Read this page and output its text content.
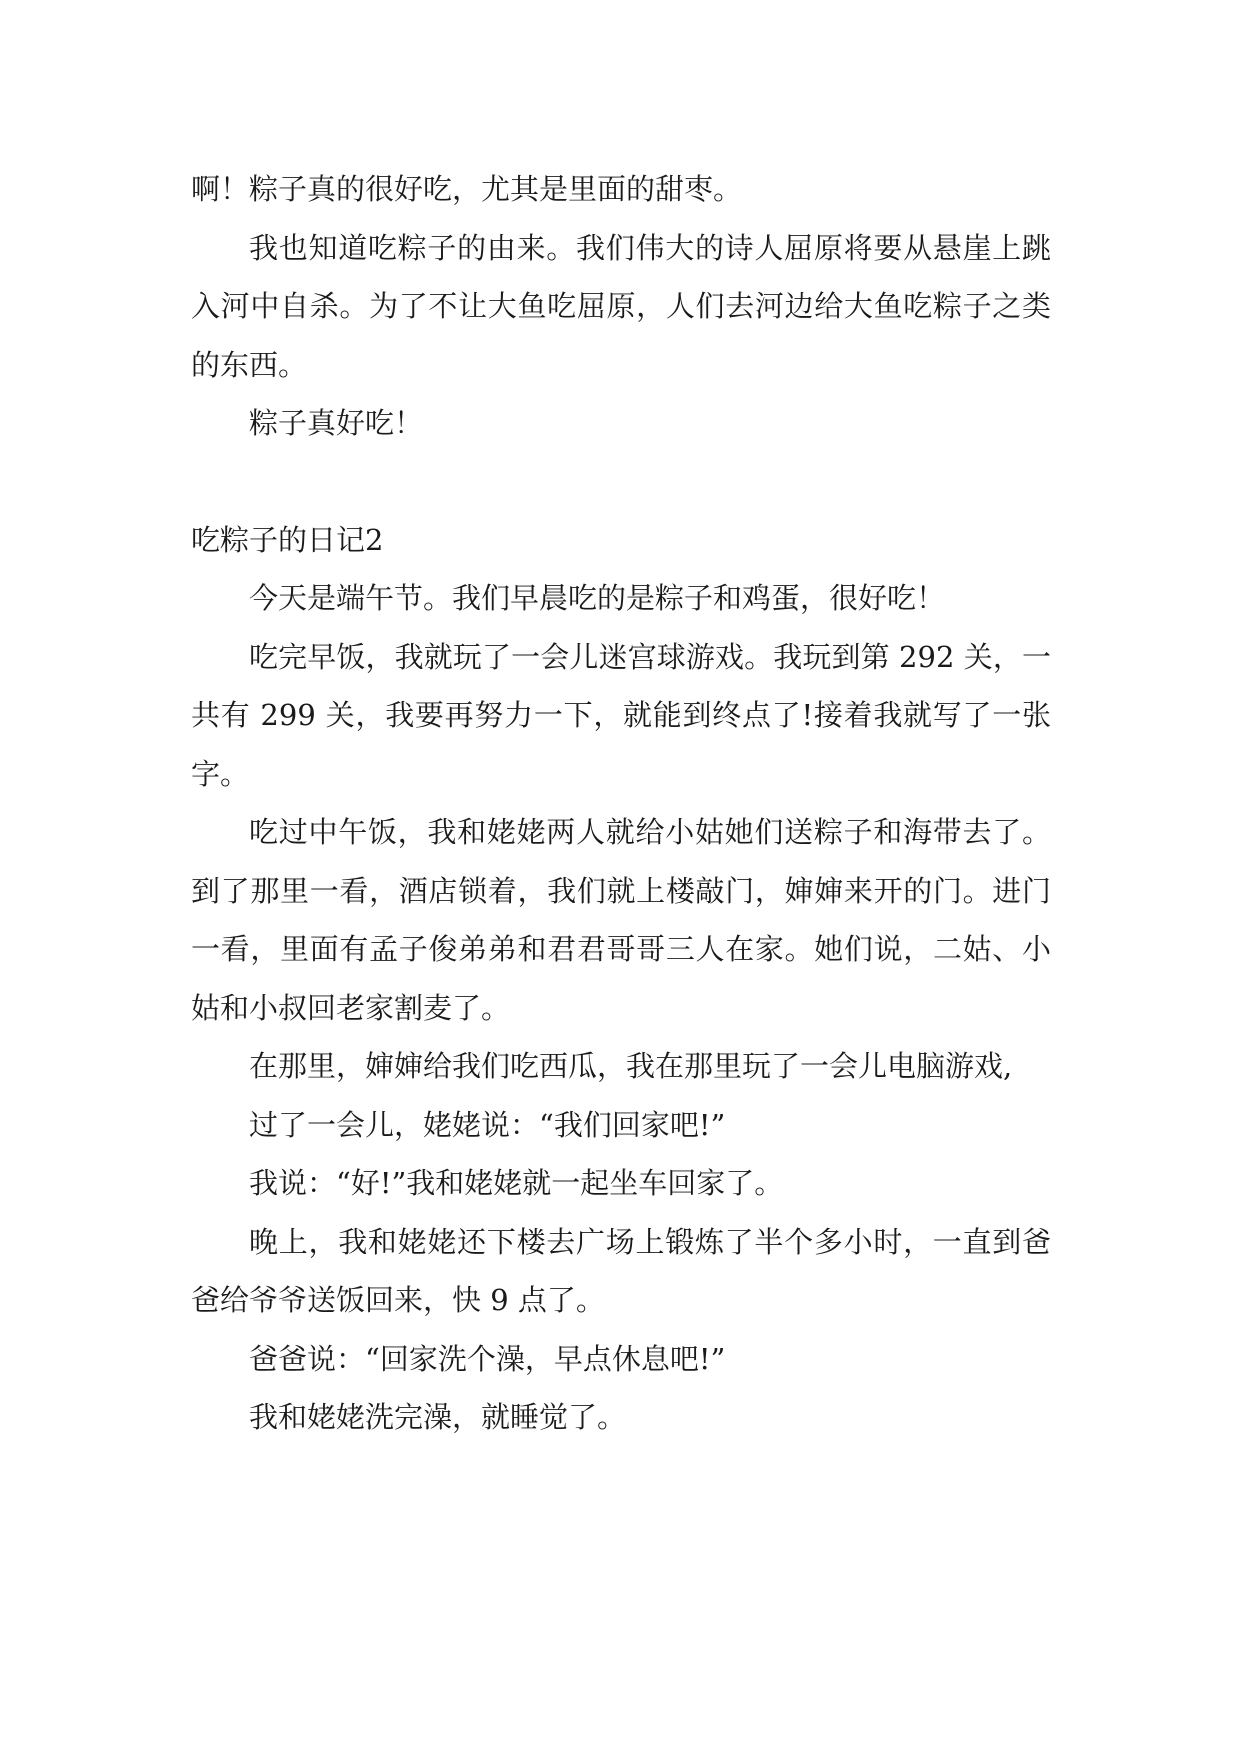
啊！粽子真的很好吃，尤其是里面的甜枣。

我也知道吃粽子的由来。我们伟大的诗人屈原将要从悬崖上跳入河中自杀。为了不让大鱼吃屈原，人们去河边给大鱼吃粽子之类的东西。

粽子真好吃！

吃粽子的日记2

今天是端午节。我们早晨吃的是粽子和鸡蛋，很好吃！

吃完早饭，我就玩了一会儿迷宫球游戏。我玩到第 292 关，一共有 299 关，我要再努力一下，就能到终点了!接着我就写了一张字。

吃过中午饭，我和姥姥两人就给小姑她们送粽子和海带去了。到了那里一看，酒店锁着，我们就上楼敲门，婶婶来开的门。进门一看，里面有孟子俊弟弟和君君哥哥三人在家。她们说，二姑、小姑和小叔回老家割麦了。

在那里，婶婶给我们吃西瓜，我在那里玩了一会儿电脑游戏,

过了一会儿，姥姥说：“我们回家吧!”

我说：“好!”我和姥姥就一起坐车回家了。

晚上，我和姥姥还下楼去广场上锻炼了半个多小时，一直到爸爸给爷爷送饭回来，快 9 点了。

爸爸说：“回家洗个澡，早点休息吧!”

我和姥姥洗完澡，就睡觉了。
